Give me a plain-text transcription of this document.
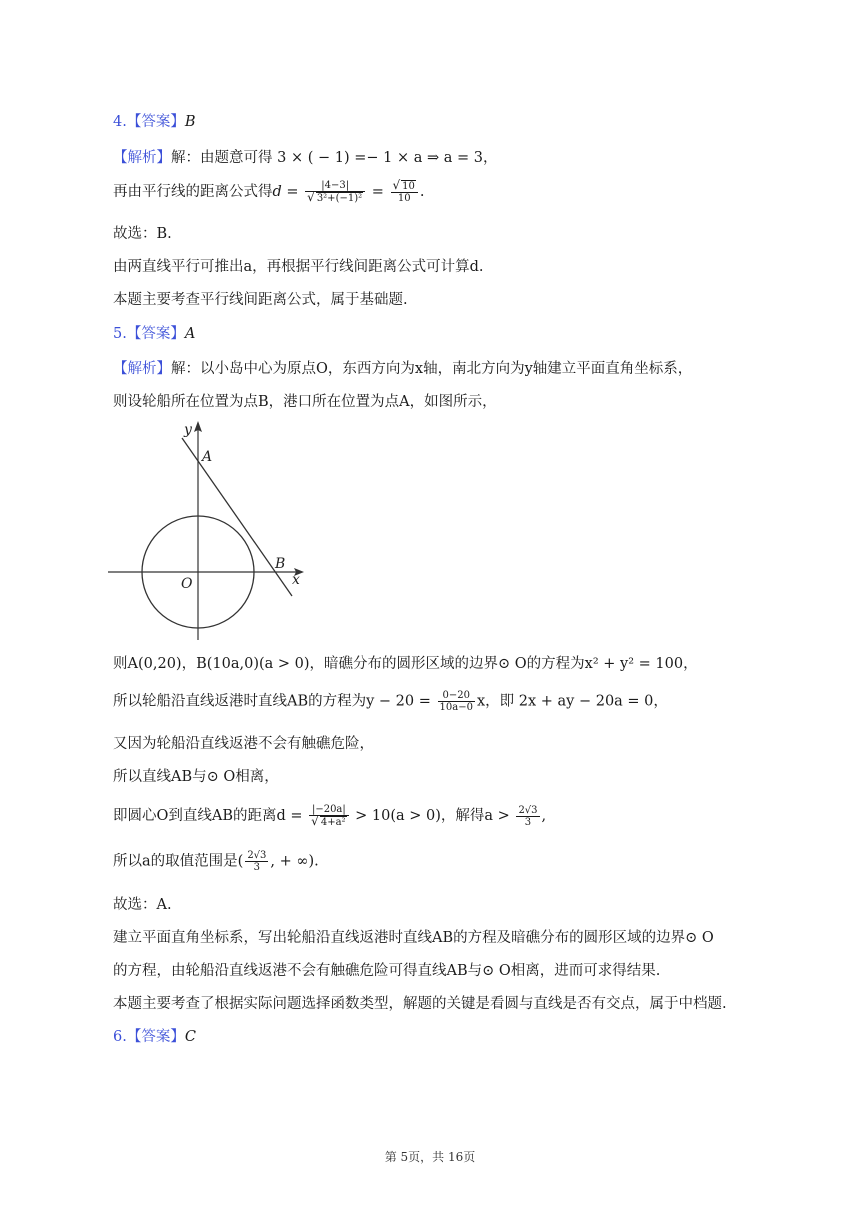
4.【答案】B
【解析】解：由题意可得 3 × ( − 1) =− 1 × a ⇒ a = 3，
再由平行线的距离公式得$d = \frac{|4-3|}{\text{√ 3²+(−1)²}} = \frac{√ 10}{10}$ .
故选：B.
由两直线平行可推出a，再根据平行线间距离公式可计算d.
本题主要考查平行线间距离公式，属于基础题.
5.【答案】A
【解析】解：以小岛中心为原点O，东西方向为x轴，南北方向为y轴建立平面直角坐标系，
则设轮船所在位置为点B，港口所在位置为点A，如图所示，
y
x
A
B
O
则A(0,20)，B(10a,0)(a > 0)，暗礁分布的圆形区域的边界⊙ O的方程为x² + y² = 100，
所以轮船沿直线返港时直线AB的方程为$y - 20 = \frac{0-20}{10a-0}$ x，即 2x + ay − 20a = 0，
又因为轮船沿直线返港不会有触礁危险，
所以直线AB与⊙ O相离，
即圆心O到直线AB的距离$d = \frac{|-20a|}{\text{√ 4+a²}} > 10(a > 0)$，解得$a > \frac{2√3}{3}$ ,
所以a的取值范围是( $\frac{2√3}{3}$ , + ∞).
故选：A.
建立平面直角坐标系，写出轮船沿直线返港时直线AB的方程及暗礁分布的圆形区域的边界⊙ O
的方程，由轮船沿直线返港不会有触礁危险可得直线AB与⊙ O相离，进而可求得结果.
本题主要考查了根据实际问题选择函数类型，解题的关键是看圆与直线是否有交点，属于中档题.
6.【答案】C
第 5页，共 16页
